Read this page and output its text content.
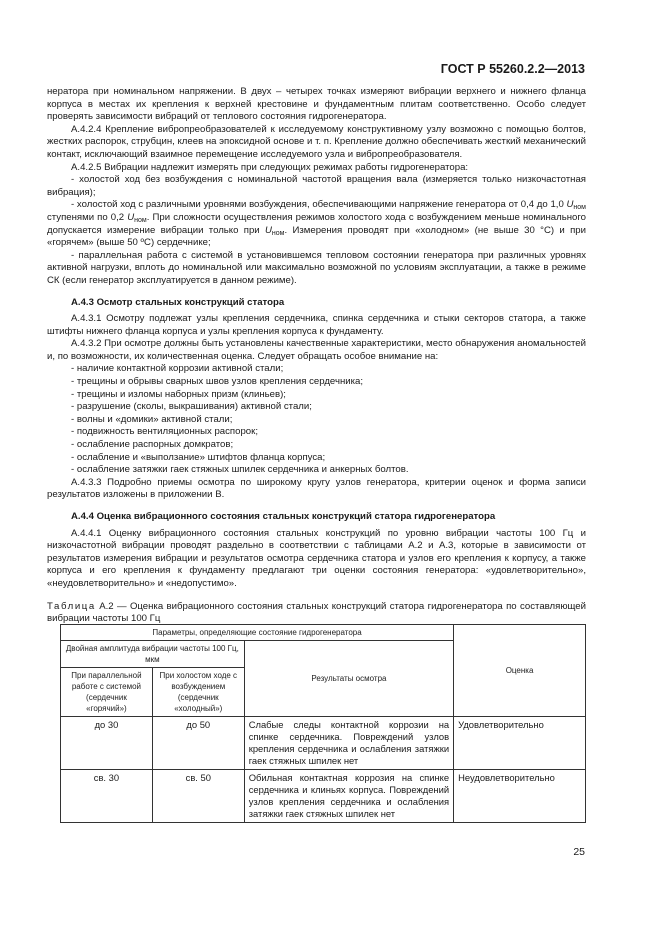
ГОСТ Р 55260.2.2—2013

нератора при номинальном напряжении. В двух – четырех точках измеряют вибрации верхнего и нижнего фланца корпуса в местах их крепления к верхней крестовине и фундаментным плитам соответственно. Особо следует проверять зависимости вибраций от теплового состояния гидрогенератора.

А.4.2.4 Крепление вибропреобразователей к исследуемому конструктивному узлу возможно с помощью болтов, жестких распорок, струбцин, клеев на эпоксидной основе и т. п. Крепление должно обеспечивать жесткий механический контакт, исключающий взаимное перемещение исследуемого узла и вибропреобразователя.

А.4.2.5 Вибрации надлежит измерять при следующих режимах работы гидрогенератора:

- холостой ход без возбуждения с номинальной частотой вращения вала (измеряется только низкочастотная вибрация);

- холостой ход с различными уровнями возбуждения, обеспечивающими напряжение генератора от 0,4 до 1,0 $U_{ном}$ ступенями по 0,2 $U_{ном}$. При сложности осуществления режимов холостого хода с возбуждением меньше номинального допускается измерение вибрации только при $U_{ном}$. Измерения проводят при «холодном» (не выше 30 °С) и при «горячем» (выше 50 ºС) сердечнике;

- параллельная работа с системой в установившемся тепловом состоянии генератора при различных уровнях активной нагрузки, вплоть до номинальной или максимально возможной по условиям эксплуатации, а также в режиме СК (если генератор эксплуатируется в данном режиме).

А.4.3 Осмотр стальных конструкций статора

А.4.3.1 Осмотру подлежат узлы крепления сердечника, спинка сердечника и стыки секторов статора, а также штифты нижнего фланца корпуса и узлы крепления корпуса к фундаменту.

А.4.3.2 При осмотре должны быть установлены качественные характеристики, место обнаружения аномальностей и, по возможности, их количественная оценка. Следует обращать особое внимание на:

- наличие контактной коррозии активной стали;

- трещины и обрывы сварных швов узлов крепления сердечника;

- трещины и изломы наборных призм (клиньев);

- разрушение (сколы, выкрашивания) активной стали;

- волны и «домики» активной стали;

- подвижность вентиляционных распорок;

- ослабление распорных домкратов;

- ослабление и «выползание» штифтов фланца корпуса;

- ослабление затяжки гаек стяжных шпилек сердечника и анкерных болтов.

А.4.3.3 Подробно приемы осмотра по широкому кругу узлов генератора, критерии оценок и форма записи результатов изложены в приложении В.

А.4.4 Оценка вибрационного состояния стальных конструкций статора гидрогенератора

А.4.4.1 Оценку вибрационного состояния стальных конструкций по уровню вибрации частоты 100 Гц и низкочастотной вибрации проводят раздельно в соответствии с таблицами А.2 и А.3, которые в зависимости от результатов измерения вибрации и результатов осмотра сердечника статора и узлов его крепления к корпусу, а также корпуса и его крепления к фундаменту предлагают три оценки состояния генератора: «удовлетворительно», «неудовлетворительно» и «недопустимо».

Таблица А.2 — Оценка вибрационного состояния стальных конструкций статора гидрогенератора по составляющей вибрации частоты 100 Гц

Параметры, определяющие состояние гидрогенератора			Оценка
Двойная амплитуда вибрации частоты 100 Гц, мкм		Результаты осмотра	
При параллельной работе с системой (сердечник «горячий»)	При холостом ходе с возбуждением (сердечник «холодный»)		
до 30	до 50	Слабые следы контактной коррозии на спинке сердечника. Повреждений узлов крепления сердечника и ослабления затяжки гаек стяжных шпилек нет	Удовлетворительно
св. 30	св. 50	Обильная контактная коррозия на спинке сердечника и клиньях корпуса. Повреждений узлов крепления сердечника и ослабления затяжки гаек стяжных шпилек нет	Неудовлетворительно
25
